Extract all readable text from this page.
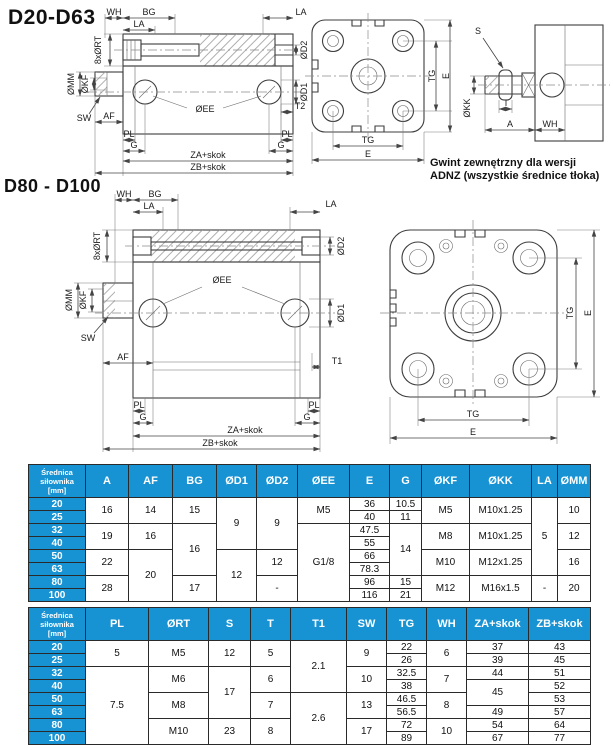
D20-D63
D80 - D100
Gwint zewnętrzny dla wersji
ADNZ (wszystkie średnice tłoka)
WH BG
LA
LA
8xØRT	ØD2
ØD1
ØMM ØKF
SW AF
ØEE	T2
PL	PL
G	G
ZA+skok
ZB+skok
TG E
TG
E
S
ØKK	T
A	WH
WH BG
LA	LA
8xØRT	ØD2
ØD1
ØMM ØKF
SW
AF
ØEE
T1
PL	PL
G	G
ZA+skok
ZB+skok
TG E
TG
E
Średnica
siłownika
[mm]	A	AF	BG	ØD1	ØD2	ØEE	E	G	ØKF	ØKK	LA	ØMM
20	16	14	15	9	9	M5	36	10.5	M5	M10x1.25	5	10
25							40	11				
32	19	16	16			G1/8	47.5	14	M8	M10x1.25		12
40							55					
50	22	20		12	12		66		M10	M12x1.25		16
63							78.3					
80	28		17		-		96	15	M12	M16x1.5	-	20
100							116	21				
Średnica
siłownika
[mm]	PL	ØRT	S	T	T1	SW	TG	WH	ZA+skok	ZB+skok
20	5	M5	12	5	2.1	9	22	6	37	43
25							26		39	45
32	7.5	M6	17	6		10	32.5	7	44	51
40							38		45	52
50		M8		7	2.6	13	46.5	8		53
63							56.5		49	57
80		M10	23	8		17	72	10	54	64
100							89		67	77
